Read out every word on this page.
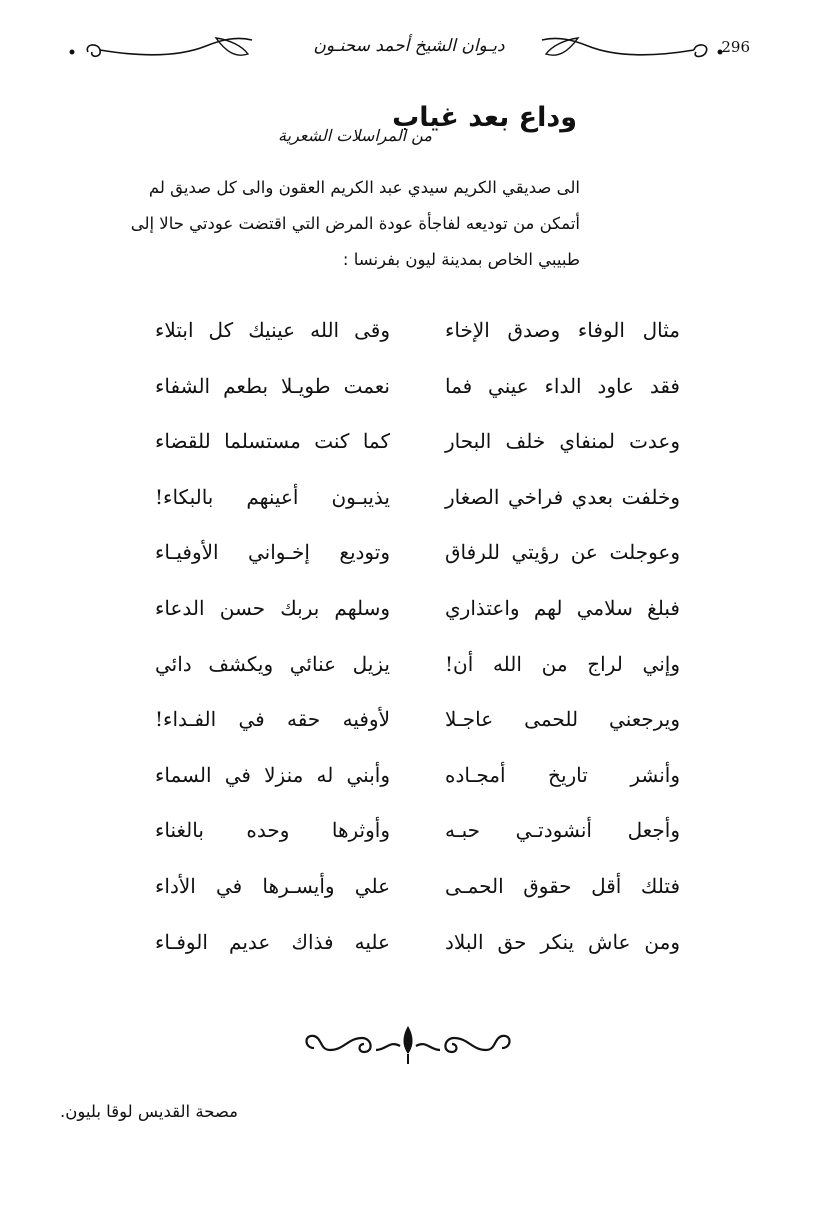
ديـوان الشيخ أحمد سحنـون	296
وداع بعد غياب
من المراسلات الشعرية
الى صديقي الكريم سيدي عبد الكريم العقون والى كل صديق لم
أتمكن من توديعه لفاجأة عودة المرض التي اقتضت عودتي حالا إلى
طبيبي الخاص بمدينة ليون بفرنسا :
مثال الوفاء وصدق الإخاء
وقى الله عينيك كل ابتلاء
فقد عاود الداء عيني فما
نعمت طويـلا بطعم الشفاء
وعدت لمنفاي خلف البحار
كما كنت مستسلما للقضاء
وخلفت بعدي فراخي الصغار
يذيبـون أعينهم بالبكاء!
وعوجلت عن رؤيتي للرفاق
وتوديع إخـواني الأوفيـاء
فبلغ سلامي لهم واعتذاري
وسلهم بربك حسن الدعاء
وإني لراج من الله أن!
يزيل عنائي ويكشف دائي
ويرجعني للحمى عاجـلا
لأوفيه حقه في الفـداء!
وأنشر تاريخ أمجـاده
وأبني له منزلا في السماء
وأجعل أنشودتـي حبـه
وأوثرها وحده بالغناء
فتلك أقل حقوق الحمـى
علي وأيسـرها في الأداء
ومن عاش ينكر حق البلاد
عليه فذاك عديم الوفـاء
مصحة القديس لوقا بليون.
